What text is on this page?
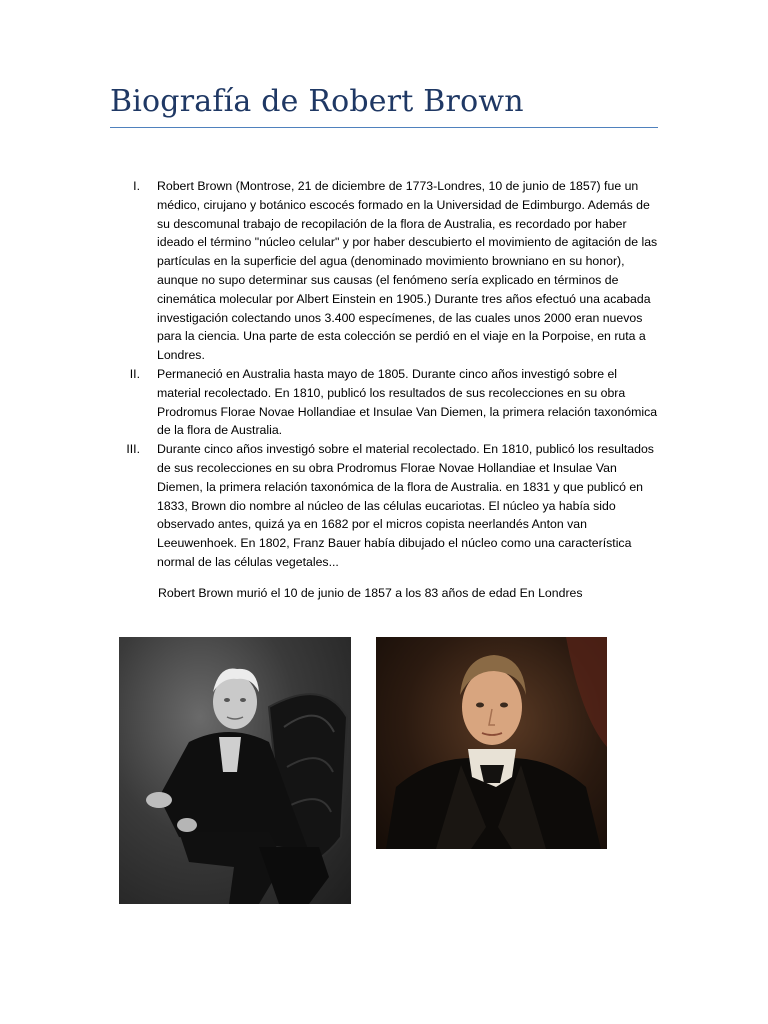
Biografía de Robert Brown
I. Robert Brown (Montrose, 21 de diciembre de 1773-Londres, 10 de junio de 1857) fue un médico, cirujano y botánico escocés formado en la Universidad de Edimburgo. Además de su descomunal trabajo de recopilación de la flora de Australia, es recordado por haber ideado el término "núcleo celular" y por haber descubierto el movimiento de agitación de las partículas en la superficie del agua (denominado movimiento browniano en su honor), aunque no supo determinar sus causas (el fenómeno sería explicado en términos de cinemática molecular por Albert Einstein en 1905.) Durante tres años efectuó una acabada investigación colectando unos 3.400 especímenes, de las cuales unos 2000 eran nuevos para la ciencia. Una parte de esta colección se perdió en el viaje en la Porpoise, en ruta a Londres.
II. Permaneció en Australia hasta mayo de 1805. Durante cinco años investigó sobre el material recolectado. En 1810, publicó los resultados de sus recolecciones en su obra Prodromus Florae Novae Hollandiae et Insulae Van Diemen, la primera relación taxonómica de la flora de Australia.
III. Durante cinco años investigó sobre el material recolectado. En 1810, publicó los resultados de sus recolecciones en su obra Prodromus Florae Novae Hollandiae et Insulae Van Diemen, la primera relación taxonómica de la flora de Australia. en 1831 y que publicó en 1833, Brown dio nombre al núcleo de las células eucariotas. El núcleo ya había sido observado antes, quizá ya en 1682 por el micros copista neerlandés Anton van Leeuwenhoek. En 1802, Franz Bauer había dibujado el núcleo como una característica normal de las células vegetales...

Robert Brown murió el 10 de junio de 1857 a los 83 años de edad En Londres
